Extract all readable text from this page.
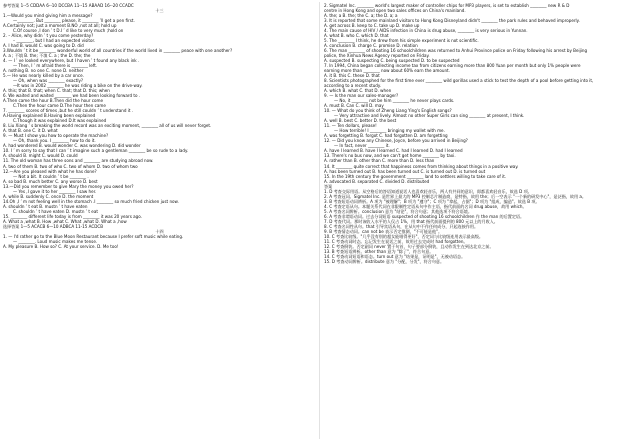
参考答案 1--5 CDDAA 6--10 DCCBA 11--15 ABAAD 16--20 CCADC
十三
1.—Would you mind giving him a message?
—________. But ________ please, it ________ ’ll get a pen first.
A.Certainly not; just a moment B.NO ,not at all; hold up
C.Of course ,I don ’ t D.I ’ d like to very much ;hold on
2. – Alice, why didn ’ t you come yesterday?
– ________, but I had an expected visitor.
A. I had B. would C. was going to D. did
3.Wouldn ’ t it be ________ wonderful world of all countries if the world lived in ________ peace with one another?
A. a ; 不填 B. the; 不填 C. a ; the D. the; the
4. — I ’ ve looked everywhere, but I haven ’ t found any black ink .
— Then, I ’ m afraid there is ________ left.
A. nothing B. no one C. none D. neither
5.— He was nearly killed by a car once.
— Oh, when was ________ exactly?
—It was in 2002 ________ he was riding a bike on the drive-way.
A. this; that B. that; when C. that; that D. this; when
6. We waited and waited ________ we had been looking forward to .
A.Then came the hour B.Then did the hour come
C.Then the hour came D.The hour then came
7. ________ scores of times ,but he still couldn ’ t understand it .
A.Having explained B.Having been explained
C.Though it was explained D.It was explained
8. Liu Xiang ’ s breaking the world record was an exciting moment, ________ all of us will never forget.
A. that B. one C. it D. what
9. — Must I show you how to operate the machine?
— Oh, thank you. I ________ how to do it.
A. had wondered B. would wonder C. was wondering D. did wonder
10. I ’ m sorry to say that I can ’ t imagine such a gentleman ________ be so rude to a lady.
A. should B. might C. would D. could
11. The old woman has three sons and ________ are studying abroad now.
A. two of them B. two of who C. two of whom D. two of whom two
12.—Are you pleased with what he has done?
— Not a bit. It couldn ’ t be ________ .
A. so bad B. much better C. any worse D. best
13.—Did you remember to give Mary the money you owed her?
— Yes ,I gave it to her ________ I saw her.
A. while B. suddenly C. once D. the moment
14.Oh ,I ’ m not feeling well in the stomach .I ________ so much fried chicken just now.
A. shouldn ’ t eat B. mustn ’ t have eaten
C. shouldn ’ t have eaten D. mustn ’ t eat
15. ________ different life today is from ________ it was 20 years ago.
A. What a ,what B. How ,what C. What ,what D. What a ,how
选择答案 1—5 ACACB 6—10 ADBCA 11-15 ACDCB
十四
1. — I'd rather go to the Blue Moon Restaurant because I prefer soft music while eating.
— ________. Loud music makes me tense.
A. My pleasure B. How so? C. At your service. D. Me too!
2. Sigmatel Inc. ________ world's largest maker of controller chips for MP3 players, is set to establish ________ new R & D
centre in Hong Kong and open two sales offices on China's mainland.
A. the; a B. the; the C. a; the D. a; a
3. It is reported that some mainland visitors to Hong Kong Disneyland didn't ________ the park rules and behaved improperly.
A. get across B. keep to C. take up D. make up
4. The main cause of HIV / AIDS infection in China is drug abuse, ________ is very serious in Yunnan.
A. what B. who C. which D. that
5. The ________ I think, he drew from his simple experiment is not scientific.
A. conclusion B. charge C. promise D. relation
6. The man ________ of shooting 16 schoolchildren was returned to Anhui Province police on Friday following his arrest by Beijing
police, the Xinhua News Agency reported on Friday.
A. suspected B. suspecting C. being suspected D. to be suspected
7. In 1994, China began collecting income tax from citizens earning more than 800 Yuan per month but only 1% people were
earning more than ________ now about 60% earn the amount.
A. it B. this C. these D. that
8. Scientists photographed for the first time ever ________ wild gorillas used a stick to test the depth of a pool before getting into it,
according to a recent study.
A. which B. what C. that D. when
9. — Is the man our sales-manager?
— No, it ________ not be him ________ he never plays cards.
A. must B. Can C. will D. may
10. — What do you think of Zheng Liang Ying's English songs?
— Very attractive and lively. Almost no other Super Girls can sing ________ at present, I think.
A. well B. best C. better D. the best
11. — Ten dollars, please!
— How terrible! I ________ bringing my wallet with me.
A. was forgetting B. forgot C. had forgotten D. am forgetting
12. — Did you know any Chinese, Joyce, before you arrived in Beijing?
— In fact, never ________ it.
A. have I learned B. have I learned C. had I learned D. had I learned
13. There's no bus now, and we can't get home ________ by taxi.
A. rather than B. other than C. more than D. less than
14. It ________ quite correct that happiness comes from thinking about things in a positive way.
A. has been turned out B. has been turned out C. is turned out D. is turned out
15. In the 19th century the government ________ land to settlers willing to take care of it.
A. advocated B. separated C. divided D. distributed
答案
1. D 考查交际用语。从空格后的答语知道说话人也喜欢轻音乐，两人有共同的意识，即都喜欢轻音乐，故选 D 项。
2. A 考查冠词。Sigmatel Inc. 是世界上最大的 MP3 控制芯片制造商，是特指，故用 the；后一空表示 "一个新的研发中心"，是泛指，故用 a。
3. B 考查短语动词辨析。A 项为 "被理解"；B 项为 "遵守"；C 项为 "拿起，占据"；D 项为 "组成，编造"。故选 B 项。
4. C 考查定语从句。本题关系代词在非限制性定语从句中作主语，指代前面的名词 drug abuse，故用 which。
5. A 考查名词辨析。conclusion 意为 "结论"，符合句意；其他选项不符合语境。
6. A 考查非谓语动词。过去分词短语 suspected of shooting 16 schoolchildren 作 the man 的后置定语。
7. D 考查代词。那时该收入水平的人仅占 1%，用 that 指代前面提到的 800 元以上的月收入。
8. C 考查名词性从句。that 引导宾语从句，在从句中不作任何成分，只起连接作用。
9. B 考查情态动词。can not be 表示否定推测，"不可能是他"。
10. C 考查比较级。"几乎没有别的超女能唱得更好"，否定词与比较级连用表示最高级。
11. C 考查动词时态。忘记发生在说话之前，故用过去完成时 had forgotten。
12. C 考查倒装。否定副词 never 置于句首，句子要部分倒装，且动作发生在到达北京之前。
13. B 考查短语辨析。other than 意为 "除了"，符合句意。
14. C 考查动词短语和语态。turn out 意为 "结果是，证明是"，无被动语态。
15. D 考查动词辨析。distribute 意为 "分配，分发"，符合句意。
